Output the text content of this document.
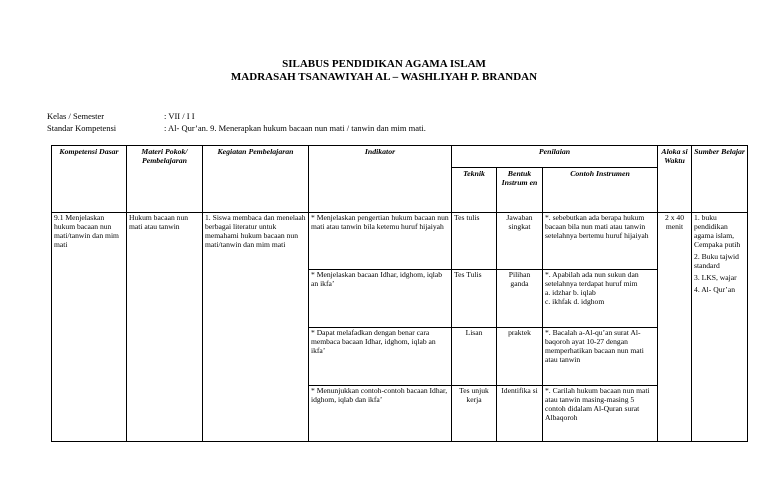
SILABUS PENDIDIKAN AGAMA ISLAM
MADRASAH TSANAWIYAH AL – WASHLIYAH P. BRANDAN
Kelas / Semester	: VII / I I
Standar Kompetensi	: Al- Qur’an. 9. Menerapkan hukum bacaan nun mati / tanwin dan mim mati.
Kompetensi Dasar	Materi Pokok/ Pembelajaran	Kegiatan Pembelajaran	Indikator	Penilaian			Aloka si Waktu	Sumber Belajar
				Teknik	Bentuk Instrum en	Contoh Instrumen		
9.1 Menjelaskan hukum bacaan nun mati/tanwin dan mim mati	Hukum bacaan nun mati atau tanwin	1. Siswa membaca dan menelaah berbagai literatur untuk memahami hukum bacaan nun mati/tanwin dan mim mati	* Menjelaskan pengertian hukum bacaan nun mati atau tanwin bila ketemu huruf hijaiyah	Tes tulis	Jawaban singkat	*. sebebutkan ada berapa hukum bacaan bila nun mati atau tanwin setelahnya bertemu huruf hijaiyah	2 x 40 menit	1. buku pendidikan agama islam, Cempaka putih
2. Buku tajwid standard
3. LKS, wajar
4. Al- Qur’an

			* Menjelaskan bacaan Idhar, idghom, iqlab an ikfa’	Tes Tulis	Pilihan ganda	*. Apabilah ada nun sukun dan setelahnya terdapat huruf mim
a. idzhar b. iqlab
c. ikhfak d. idghom		

			* Dapat melafadkan dengan benar cara membaca bacaan Idhar, idghom, iqlab an ikfa’	Lisan	praktek	*. Bacalah a-Al-qu’an surat Al-baqoroh ayat 10-27 dengan memperhatikan bacaan nun mati atau tanwin		
			* Menunjukkan contoh-contoh bacaan Idhar, idghom, iqlab dan ikfa’	Tes unjuk kerja	Identifika si	*. Carilah hukum bacaan nun mati atau tanwin masing-masing 5 contoh didalam Al-Quran surat Albaqoroh		
